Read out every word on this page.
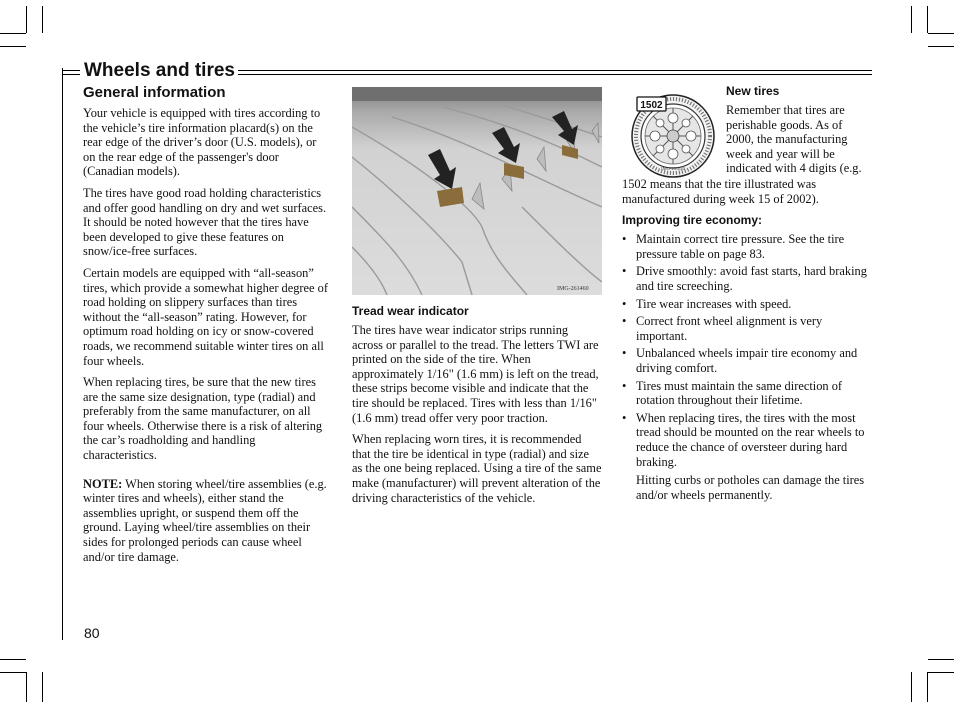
Wheels and tires
General information

Your vehicle is equipped with tires according to the vehicle’s tire information placard(s) on the rear edge of the driver’s door (U.S. models), or on the rear edge of the passenger's door (Canadian models).

The tires have good road holding characteristics and offer good handling on dry and wet surfaces. It should be noted however that the tires have been developed to give these features on snow/ice-free surfaces.

Certain models are equipped with “all-season” tires, which provide a somewhat higher degree of road holding on slippery surfaces than tires without the “all-season” rating. However, for optimum road holding on icy or snow-covered roads, we recommend suitable winter tires on all four wheels.

When replacing tires, be sure that the new tires are the same size designation, type (radial) and preferably from the same manufacturer, on all four wheels. Otherwise there is a risk of altering the car’s roadholding and handling characteristics.

NOTE: When storing wheel/tire assemblies (e.g. winter tires and wheels), either stand the assemblies upright, or suspend them off the ground. Laying wheel/tire assemblies on their sides for prolonged periods can cause wheel and/or tire damage.

IMG-261460
Tread wear indicator

The tires have wear indicator strips running across or parallel to the tread. The letters TWI are printed on the side of the tire. When approximately 1/16" (1.6 mm) is left on the tread, these strips become visible and indicate that the tire should be replaced. Tires with less than 1/16" (1.6 mm) tread offer very poor traction.

When replacing worn tires, it is recommended that the tire be identical in type (radial) and size as the one being replaced. Using a tire of the same make (manufacturer) will prevent alteration of the driving characteristics of the vehicle.

1502
IMG-261020
New tires

Remember that tires are perishable goods. As of 2000, the manufacturing week and year will be indicated with 4 digits (e.g.

1502 means that the tire illustrated was manufactured during week 15 of 2002).

Improving tire economy:
• Maintain correct tire pressure. See the tire pressure table on page 83.
• Drive smoothly: avoid fast starts, hard braking and tire screeching.
• Tire wear increases with speed.
• Correct front wheel alignment is very important.
• Unbalanced wheels impair tire economy and driving comfort.
• Tires must maintain the same direction of rotation throughout their lifetime.
• When replacing tires, the tires with the most tread should be mounted on the rear wheels to reduce the chance of oversteer during hard braking.

Hitting curbs or potholes can damage the tires and/or wheels permanently.

80
